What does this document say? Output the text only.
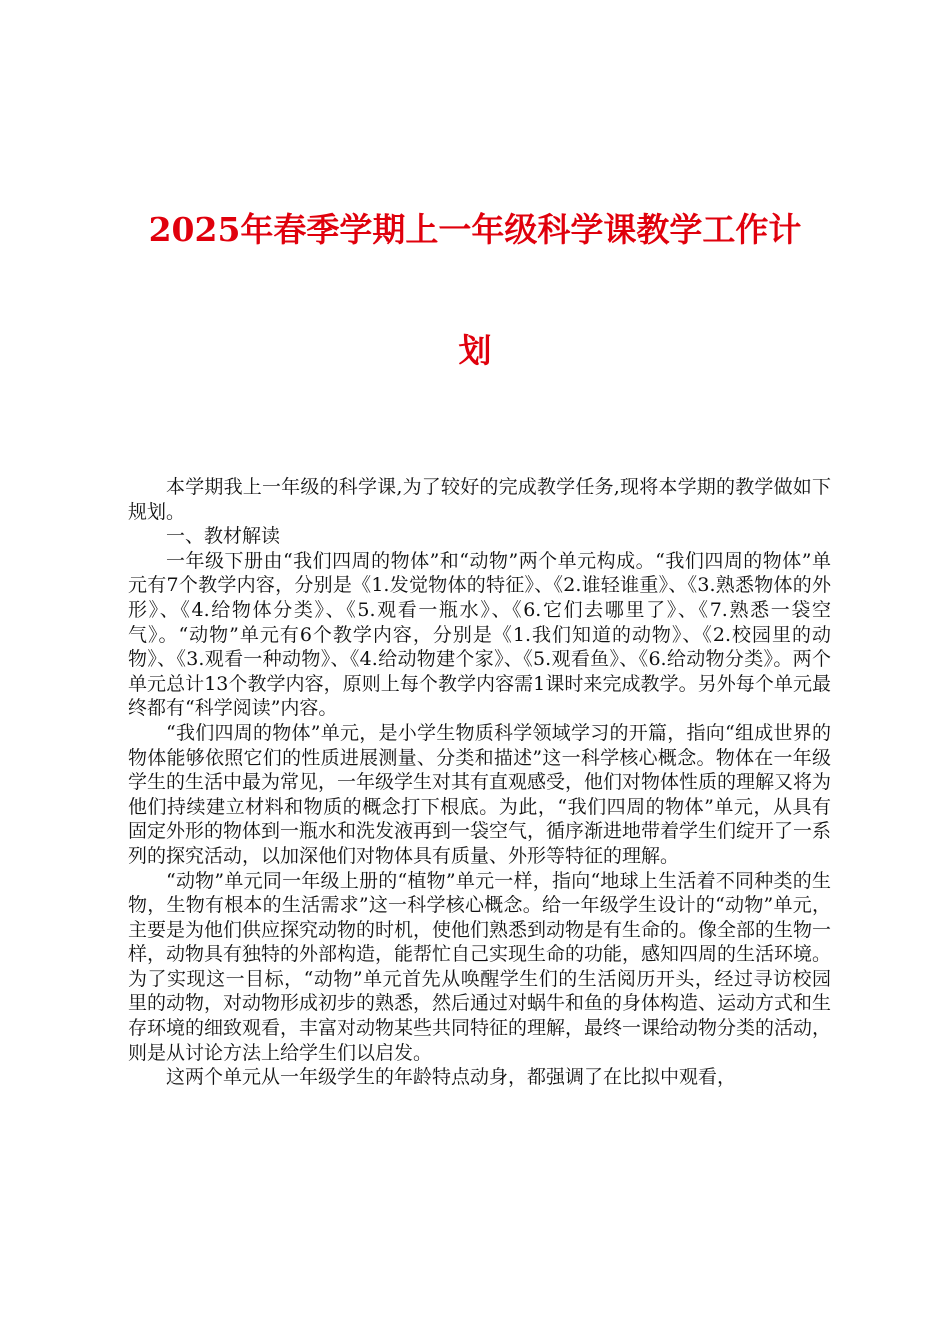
2025年春季学期上一年级科学课教学工作计
划

本学期我上一年级的科学课,为了较好的完成教学任务,现将本学期的教学做如下规划。

一、教材解读

一年级下册由“我们四周的物体”和“动物”两个单元构成。“我们四周的物体”单元有7个教学内容，分别是《1.发觉物体的特征》、《2.谁轻谁重》、《3.熟悉物体的外形》、《4.给物体分类》、《5.观看一瓶水》、《6.它们去哪里了》、《7.熟悉一袋空气》。“动物”单元有6个教学内容，分别是《1.我们知道的动物》、《2.校园里的动物》、《3.观看一种动物》、《4.给动物建个家》、《5.观看鱼》、《6.给动物分类》。两个单元总计13个教学内容，原则上每个教学内容需1课时来完成教学。另外每个单元最终都有“科学阅读”内容。

“我们四周的物体”单元，是小学生物质科学领域学习的开篇，指向“组成世界的物体能够依照它们的性质进展测量、分类和描述”这一科学核心概念。物体在一年级学生的生活中最为常见，一年级学生对其有直观感受，他们对物体性质的理解又将为他们持续建立材料和物质的概念打下根底。为此，“我们四周的物体”单元，从具有固定外形的物体到一瓶水和洗发液再到一袋空气，循序渐进地带着学生们绽开了一系列的探究活动，以加深他们对物体具有质量、外形等特征的理解。

“动物”单元同一年级上册的“植物”单元一样，指向“地球上生活着不同种类的生物，生物有根本的生活需求”这一科学核心概念。给一年级学生设计的“动物”单元，主要是为他们供应探究动物的时机，使他们熟悉到动物是有生命的。像全部的生物一样，动物具有独特的外部构造，能帮忙自己实现生命的功能，感知四周的生活环境。为了实现这一目标，“动物”单元首先从唤醒学生们的生活阅历开头，经过寻访校园里的动物，对动物形成初步的熟悉，然后通过对蜗牛和鱼的身体构造、运动方式和生存环境的细致观看，丰富对动物某些共同特征的理解，最终一课给动物分类的活动，则是从讨论方法上给学生们以启发。

这两个单元从一年级学生的年龄特点动身，都强调了在比拟中观看，
